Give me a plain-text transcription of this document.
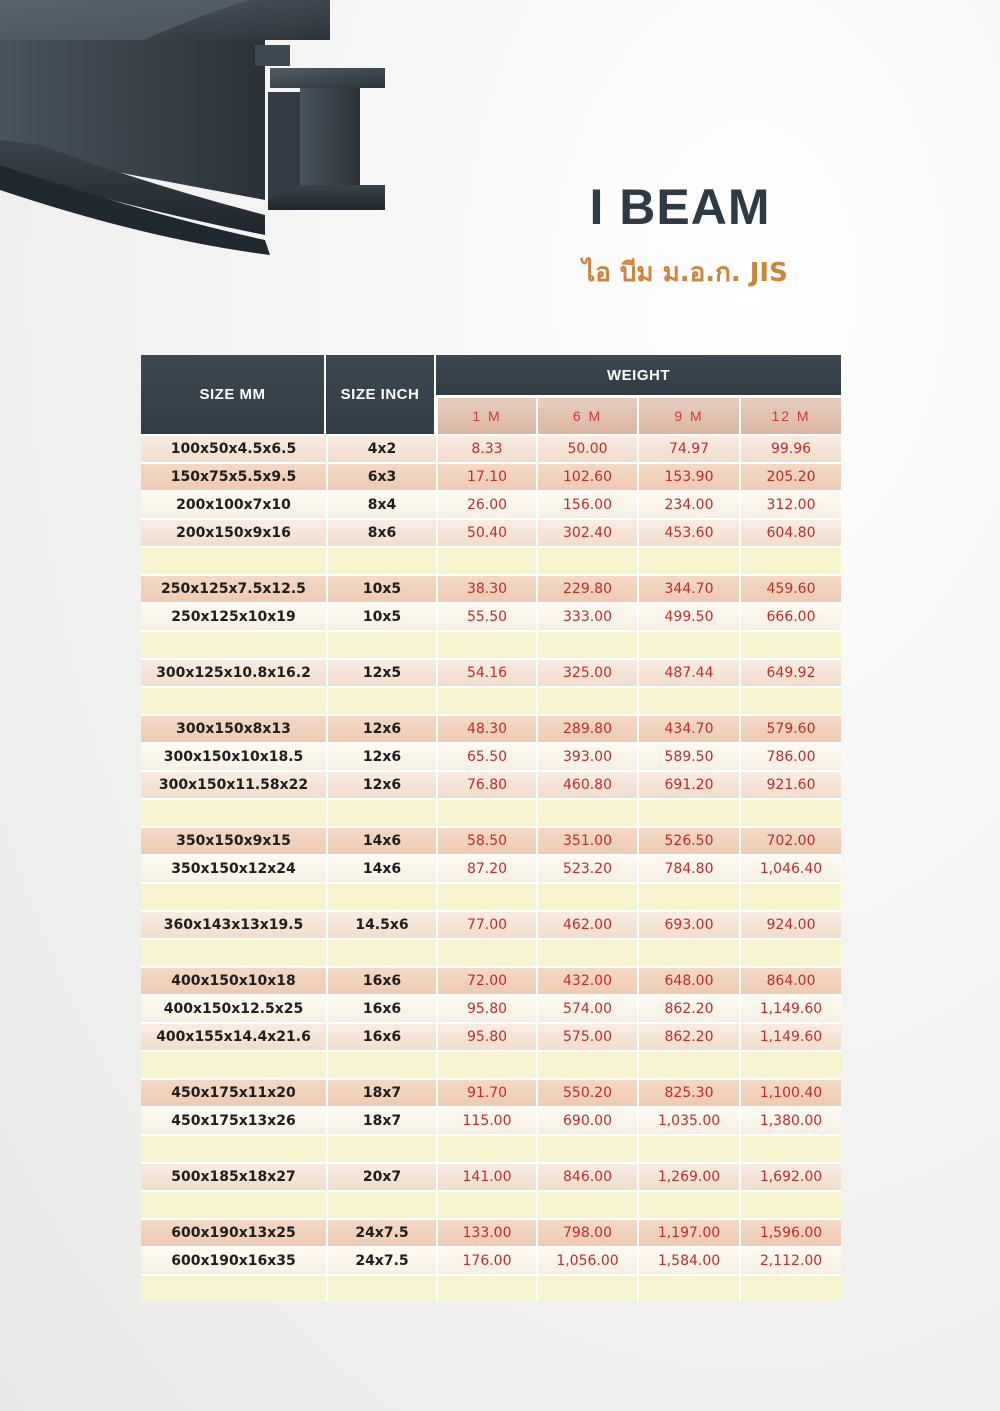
I BEAM
ไอ บีม ม.อ.ก. JIS
SIZE MM	SIZE INCH	WEIGHT			
		1 M	6 M	9 M	12 M
100x50x4.5x6.5	4x2	8.33	50.00	74.97	99.96
150x75x5.5x9.5	6x3	17.10	102.60	153.90	205.20
200x100x7x10	8x4	26.00	156.00	234.00	312.00
200x150x9x16	8x6	50.40	302.40	453.60	604.80

250x125x7.5x12.5	10x5	38.30	229.80	344.70	459.60
250x125x10x19	10x5	55.50	333.00	499.50	666.00

300x125x10.8x16.2	12x5	54.16	325.00	487.44	649.92

300x150x8x13	12x6	48.30	289.80	434.70	579.60
300x150x10x18.5	12x6	65.50	393.00	589.50	786.00
300x150x11.58x22	12x6	76.80	460.80	691.20	921.60

350x150x9x15	14x6	58.50	351.00	526.50	702.00
350x150x12x24	14x6	87.20	523.20	784.80	1,046.40

360x143x13x19.5	14.5x6	77.00	462.00	693.00	924.00

400x150x10x18	16x6	72.00	432.00	648.00	864.00
400x150x12.5x25	16x6	95.80	574.00	862.20	1,149.60
400x155x14.4x21.6	16x6	95.80	575.00	862.20	1,149.60

450x175x11x20	18x7	91.70	550.20	825.30	1,100.40
450x175x13x26	18x7	115.00	690.00	1,035.00	1,380.00

500x185x18x27	20x7	141.00	846.00	1,269.00	1,692.00

600x190x13x25	24x7.5	133.00	798.00	1,197.00	1,596.00
600x190x16x35	24x7.5	176.00	1,056.00	1,584.00	2,112.00
